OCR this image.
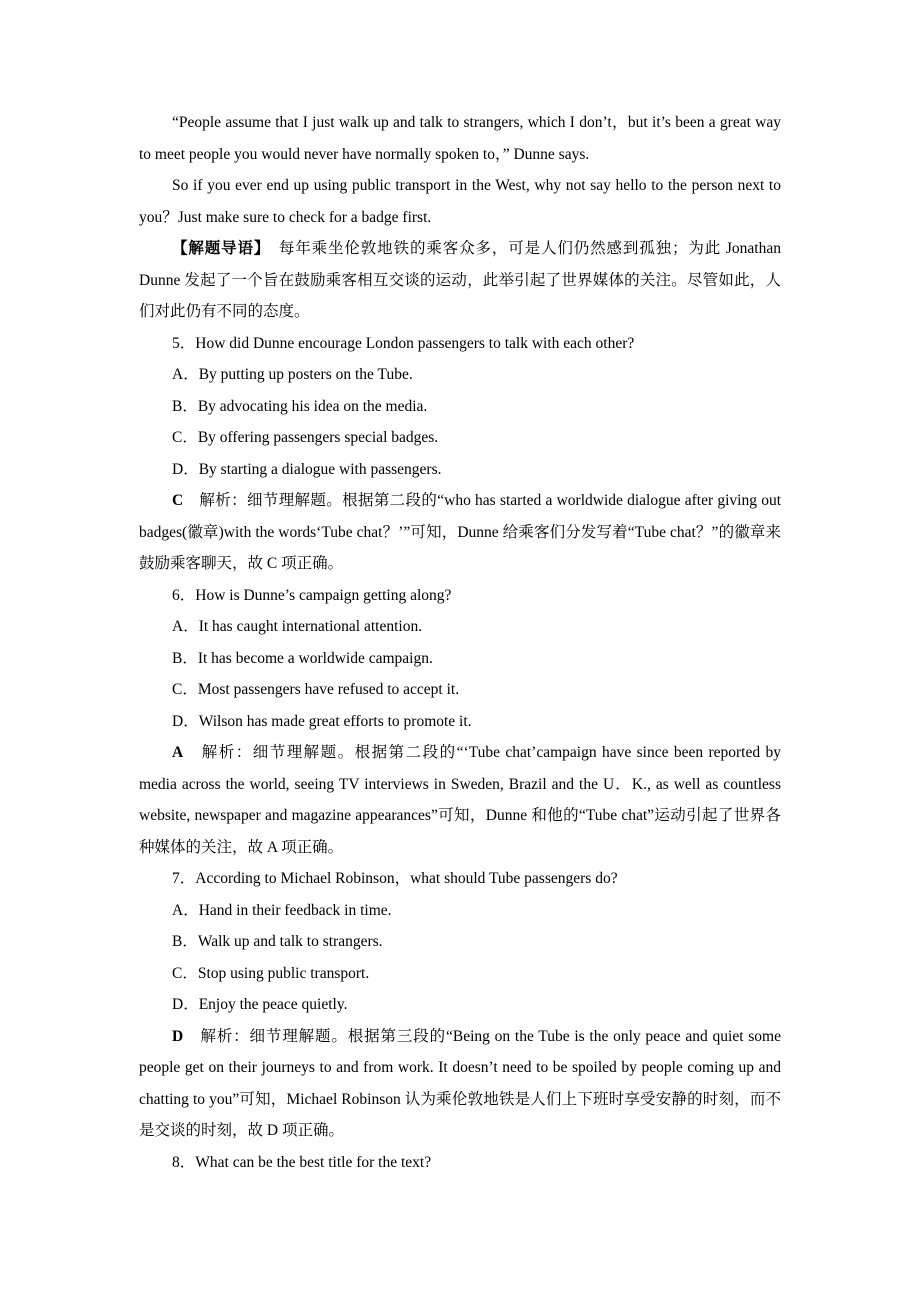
“People assume that I just walk up and talk to strangers, which I don’t，but it’s been a great way to meet people you would never have normally spoken to，” Dunne says.

So if you ever end up using public transport in the West, why not say hello to the person next to you？Just make sure to check for a badge first.

【解题导语】　每年乘坐伦敦地铁的乘客众多，可是人们仍然感到孤独；为此 Jonathan Dunne 发起了一个旨在鼓励乘客相互交谈的运动，此举引起了世界媒体的关注。尽管如此，人们对此仍有不同的态度。

5．How did Dunne encourage London passengers to talk with each other?

A．By putting up posters on the Tube.

B．By advocating his idea on the media.

C．By offering passengers special badges.

D．By starting a dialogue with passengers.

C　解析：细节理解题。根据第二段的“who has started a worldwide dialogue after giving out badges(徽章)with the words‘Tube chat？’”可知，Dunne 给乘客们分发写着“Tube chat？”的徽章来鼓励乘客聊天，故 C 项正确。

6．How is Dunne’s campaign getting along?

A．It has caught international attention.

B．It has become a worldwide campaign.

C．Most passengers have refused to accept it.

D．Wilson has made great efforts to promote it.

A　解析：细节理解题。根据第二段的“‘Tube chat’campaign have since been reported by media across the world, seeing TV interviews in Sweden, Brazil and the U．K., as well as countless website, newspaper and magazine appearances”可知，Dunne 和他的“Tube chat”运动引起了世界各种媒体的关注，故 A 项正确。

7．According to Michael Robinson，what should Tube passengers do?

A．Hand in their feedback in time.

B．Walk up and talk to strangers.

C．Stop using public transport.

D．Enjoy the peace quietly.

D　解析：细节理解题。根据第三段的“Being on the Tube is the only peace and quiet some people get on their journeys to and from work. It doesn’t need to be spoiled by people coming up and chatting to you”可知，Michael Robinson 认为乘伦敦地铁是人们上下班时享受安静的时刻，而不是交谈的时刻，故 D 项正确。

8．What can be the best title for the text?
